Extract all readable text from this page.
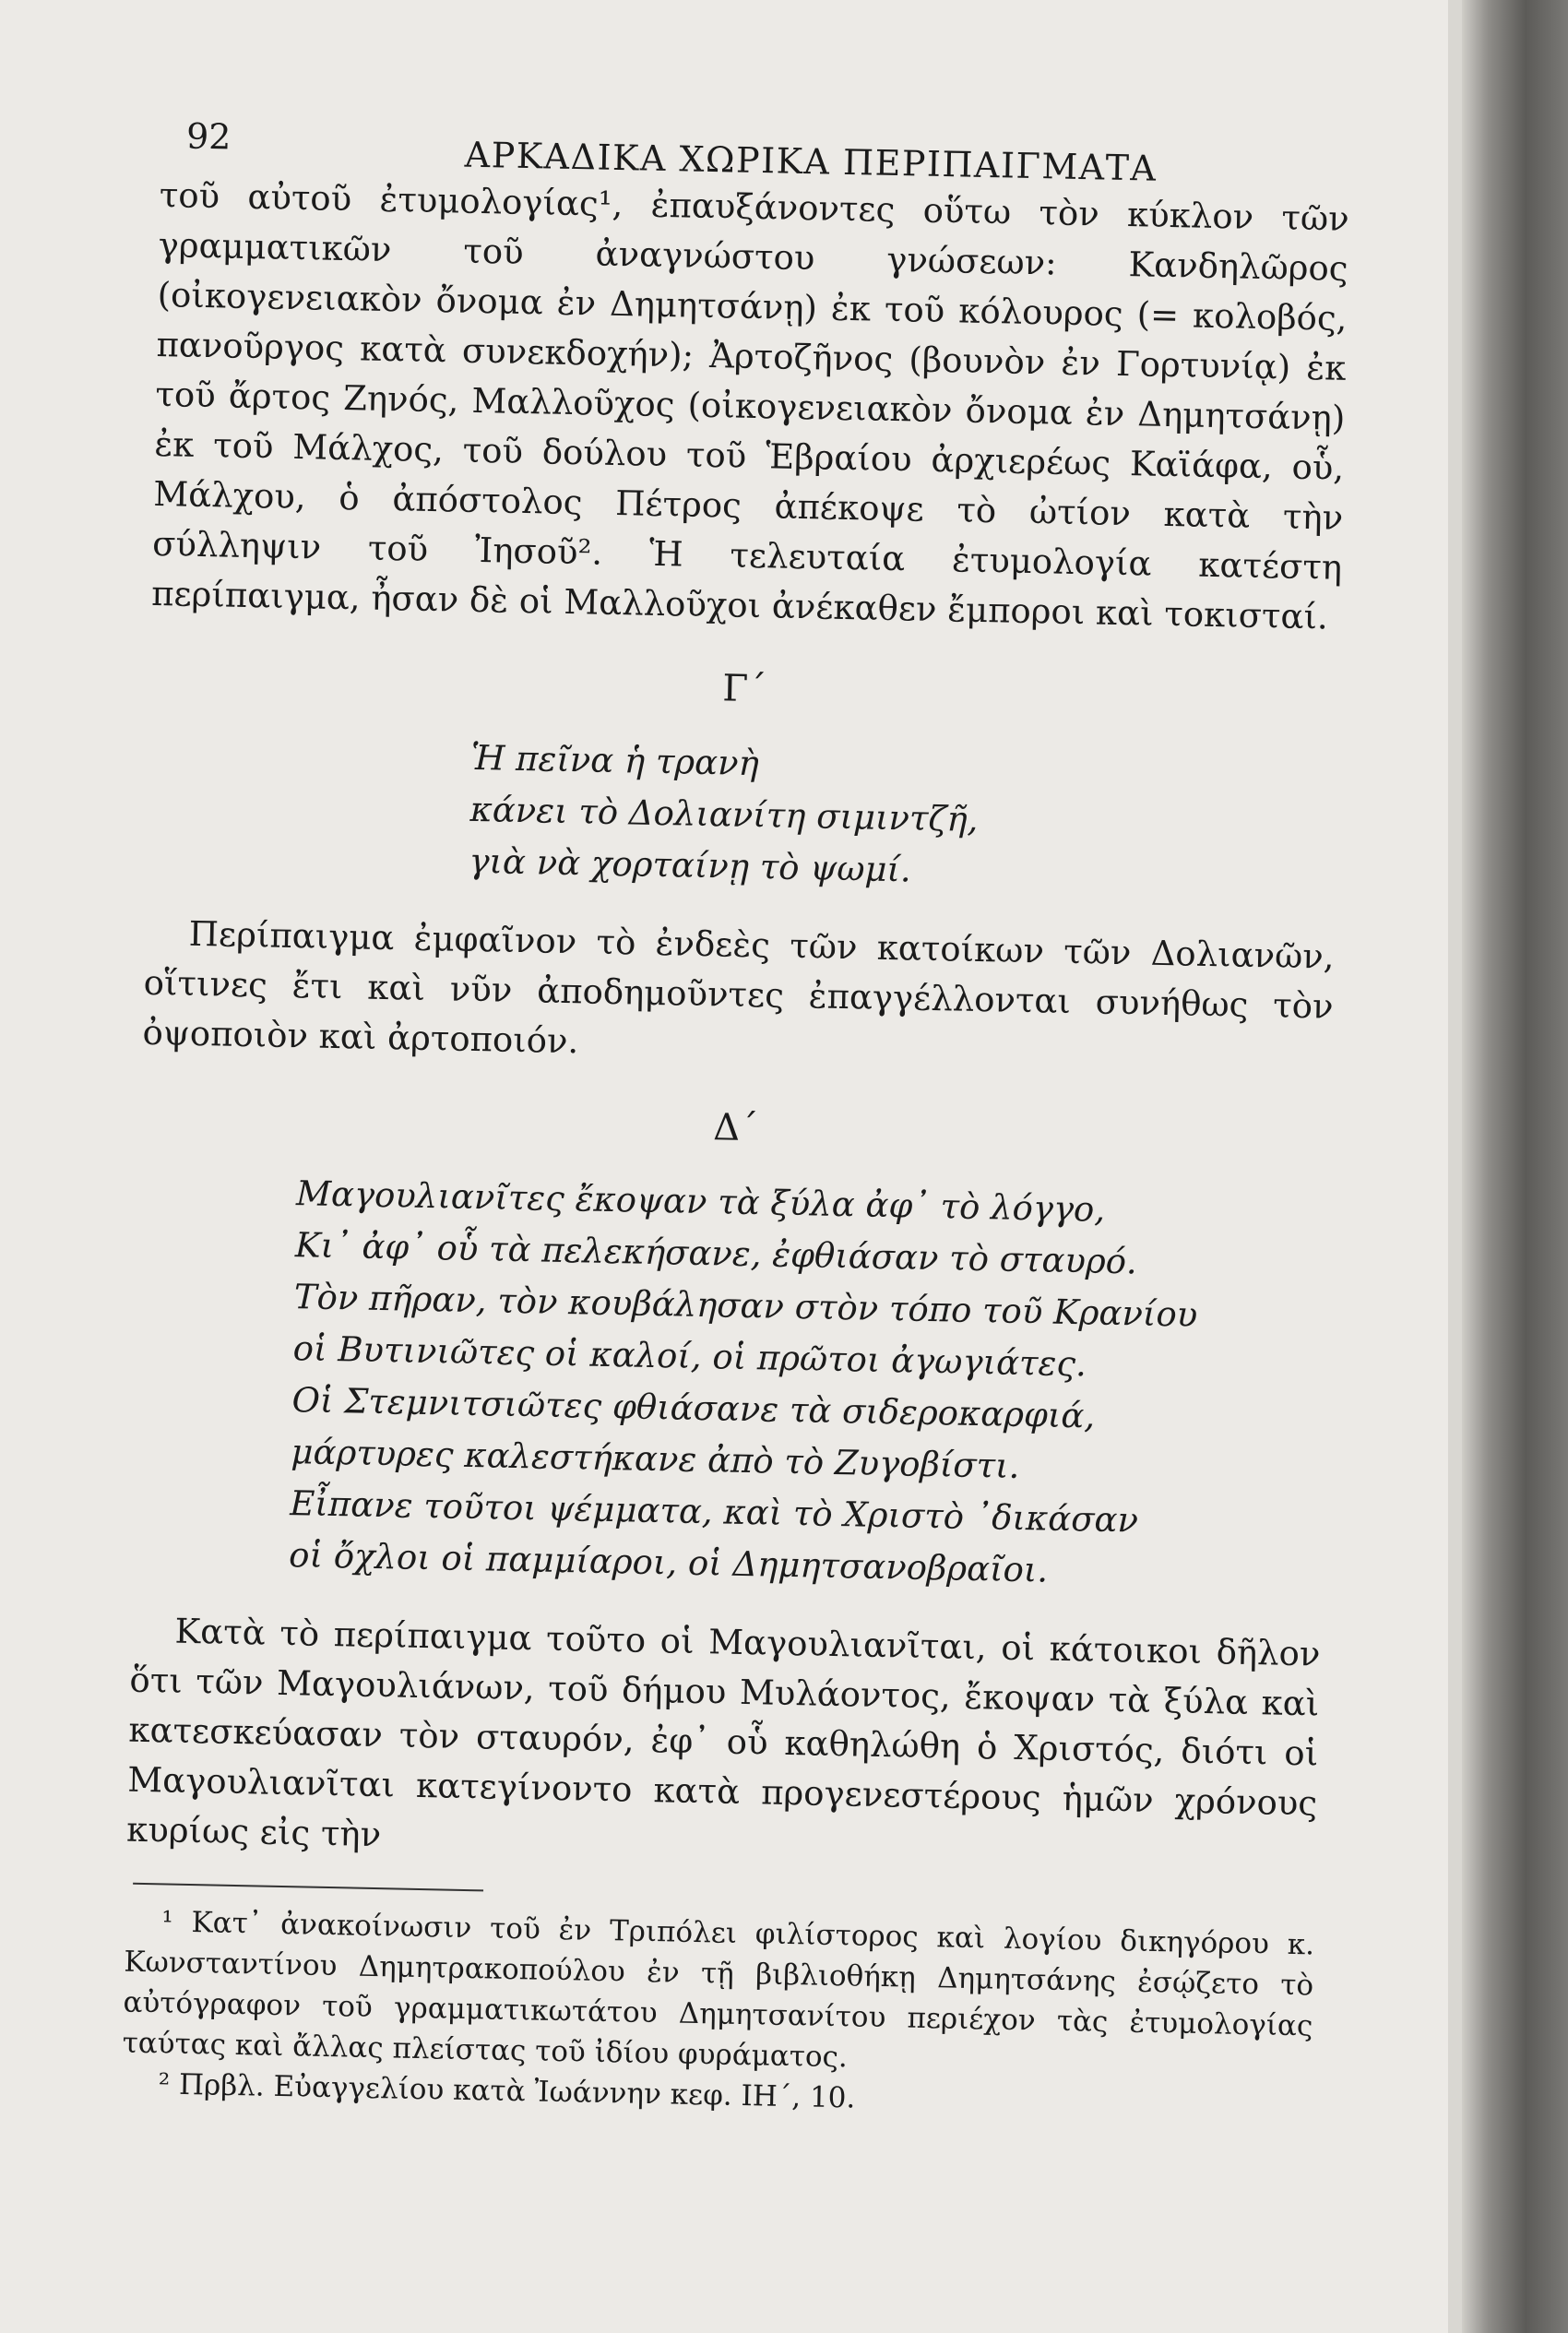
92	ΑΡΚΑΔΙΚΑ ΧΩΡΙΚΑ ΠΕΡΙΠΑΙΓΜΑΤΑ

τοῦ αὐτοῦ ἐτυμολογίας¹, ἐπαυξάνοντες οὕτω τὸν κύκλον τῶν γραμματικῶν τοῦ ἀναγνώστου γνώσεων: Κανδηλῶρος (οἰκογενειακὸν ὄνομα ἐν Δημητσάνῃ) ἐκ τοῦ κόλουρος (= κολοβός, πανοῦργος κατὰ συνεκδοχήν); Ἀρτοζῆνος (βουνὸν ἐν Γορτυνίᾳ) ἐκ τοῦ ἄρτος Ζηνός, Μαλλοῦχος (οἰκογενειακὸν ὄνομα ἐν Δημητσάνῃ) ἐκ τοῦ Μάλχος, τοῦ δούλου τοῦ Ἑβραίου ἀρχιερέως Καϊάφα, οὗ, Μάλχου, ὁ ἀπόστολος Πέτρος ἀπέκοψε τὸ ὠτίον κατὰ τὴν σύλληψιν τοῦ Ἰησοῦ². Ἡ τελευταία ἐτυμολογία κατέστη περίπαιγμα, ἦσαν δὲ οἱ Μαλλοῦχοι ἀνέκαθεν ἔμποροι καὶ τοκισταί.

Γ΄
Ἡ πεῖνα ἡ τρανὴ
κάνει τὸ Δολιανίτη σιμιντζῆ,
γιὰ νὰ χορταίνῃ τὸ ψωμί.

Περίπαιγμα ἐμφαῖνον τὸ ἐνδεὲς τῶν κατοίκων τῶν Δολιανῶν, οἵτινες ἔτι καὶ νῦν ἀποδημοῦντες ἐπαγγέλλονται συνήθως τὸν ὀψοποιὸν καὶ ἀρτοποιόν.

Δ΄
Μαγουλιανῖτες ἔκοψαν τὰ ξύλα ἀφ᾽ τὸ λόγγο,
Κι᾽ ἀφ᾽ οὗ τὰ πελεκήσανε, ἐφθιάσαν τὸ σταυρό.
Τὸν πῆραν, τὸν κουβάλησαν στὸν τόπο τοῦ Κρανίου
οἱ Βυτινιῶτες οἱ καλοί, οἱ πρῶτοι ἀγωγιάτες.
Οἱ Στεμνιτσιῶτες φθιάσανε τὰ σιδεροκαρφιά,
μάρτυρες καλεστήκανε ἀπὸ τὸ Ζυγοβίστι.
Εἶπανε τοῦτοι ψέμματα, καὶ τὸ Χριστὸ ᾽δικάσαν
οἱ ὄχλοι οἱ παμμίαροι, οἱ Δημητσανοβραῖοι.

Κατὰ τὸ περίπαιγμα τοῦτο οἱ Μαγουλιανῖται, οἱ κάτοικοι δῆλον ὅτι τῶν Μαγουλιάνων, τοῦ δήμου Μυλάοντος, ἔκοψαν τὰ ξύλα καὶ κατεσκεύασαν τὸν σταυρόν, ἐφ᾽ οὗ καθηλώθη ὁ Χριστός, διότι οἱ Μαγουλιανῖται κατεγίνοντο κατὰ προγενεστέρους ἡμῶν χρόνους κυρίως εἰς τὴν

¹ Κατ᾽ ἀνακοίνωσιν τοῦ ἐν Τριπόλει φιλίστορος καὶ λογίου δικηγόρου κ. Κωνσταντίνου Δημητρακοπούλου ἐν τῇ βιβλιοθήκῃ Δημητσάνης ἐσῴζετο τὸ αὐτόγραφον τοῦ γραμματικωτάτου Δημητσανίτου περιέχον τὰς ἐτυμολογίας ταύτας καὶ ἄλλας πλείστας τοῦ ἰδίου φυράματος.

² Πρβλ. Εὐαγγελίου κατὰ Ἰωάννην κεφ. ΙΗ΄, 10.
